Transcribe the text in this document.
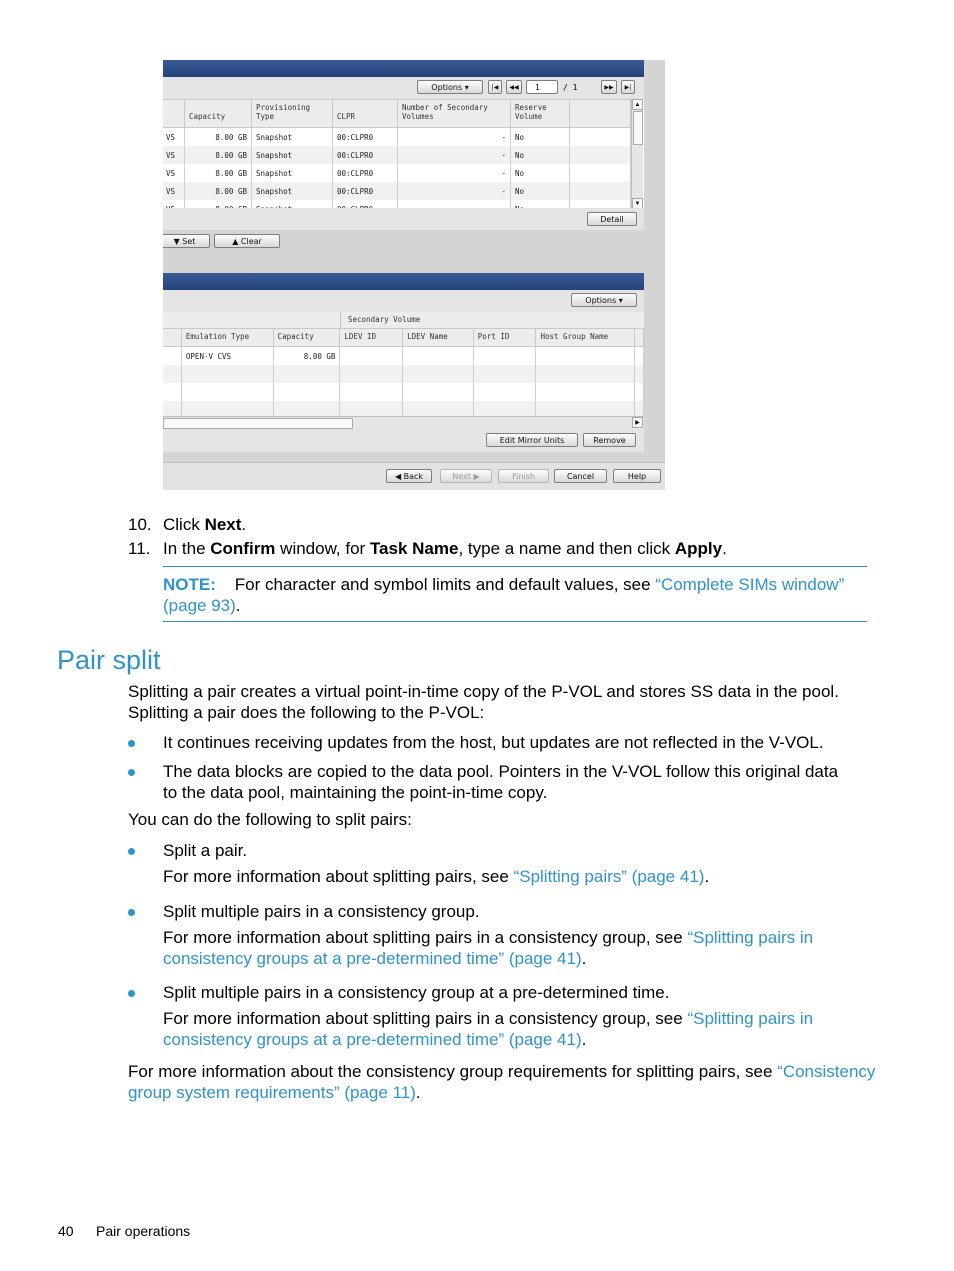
Options ▾	|◀	◀◀	1	/ 1	▶▶	▶|

Capacity	Provisioning Type	CLPR	Number of Secondary Volumes	Reserve Volume	
VS	8.00 GB	Snapshot	00:CLPR0	-	No	
VS	8.00 GB	Snapshot	00:CLPR0	-	No	
VS	8.00 GB	Snapshot	00:CLPR0	-	No	
VS	8.00 GB	Snapshot	00:CLPR0	-	No	

▲
▼
Detail
▼ Set	▲ Clear
Options ▾
Secondary Volume
	Emulation Type	Capacity	LDEV ID	LDEV Name	Port ID	Host Group Name	
	OPEN-V CVS	8.00 GB					

▶
Edit Mirror Units	Remove
◀ Back	Next ▶	Finish	Cancel	Help
10. Click Next.
11. In the Confirm window, for Task Name, type a name and then click Apply.
NOTE: For character and symbol limits and default values, see “Complete SIMs window”
(page 93).
Pair split
Splitting a pair creates a virtual point-in-time copy of the P-VOL and stores SS data in the pool.
Splitting a pair does the following to the P-VOL:
It continues receiving updates from the host, but updates are not reflected in the V-VOL.
The data blocks are copied to the data pool. Pointers in the V-VOL follow this original data
to the data pool, maintaining the point-in-time copy.
You can do the following to split pairs:
Split a pair.
For more information about splitting pairs, see “Splitting pairs” (page 41).
Split multiple pairs in a consistency group.
For more information about splitting pairs in a consistency group, see “Splitting pairs in
consistency groups at a pre-determined time” (page 41).
Split multiple pairs in a consistency group at a pre-determined time.
For more information about splitting pairs in a consistency group, see “Splitting pairs in
consistency groups at a pre-determined time” (page 41).
For more information about the consistency group requirements for splitting pairs, see “Consistency
group system requirements” (page 11).
40 Pair operations
